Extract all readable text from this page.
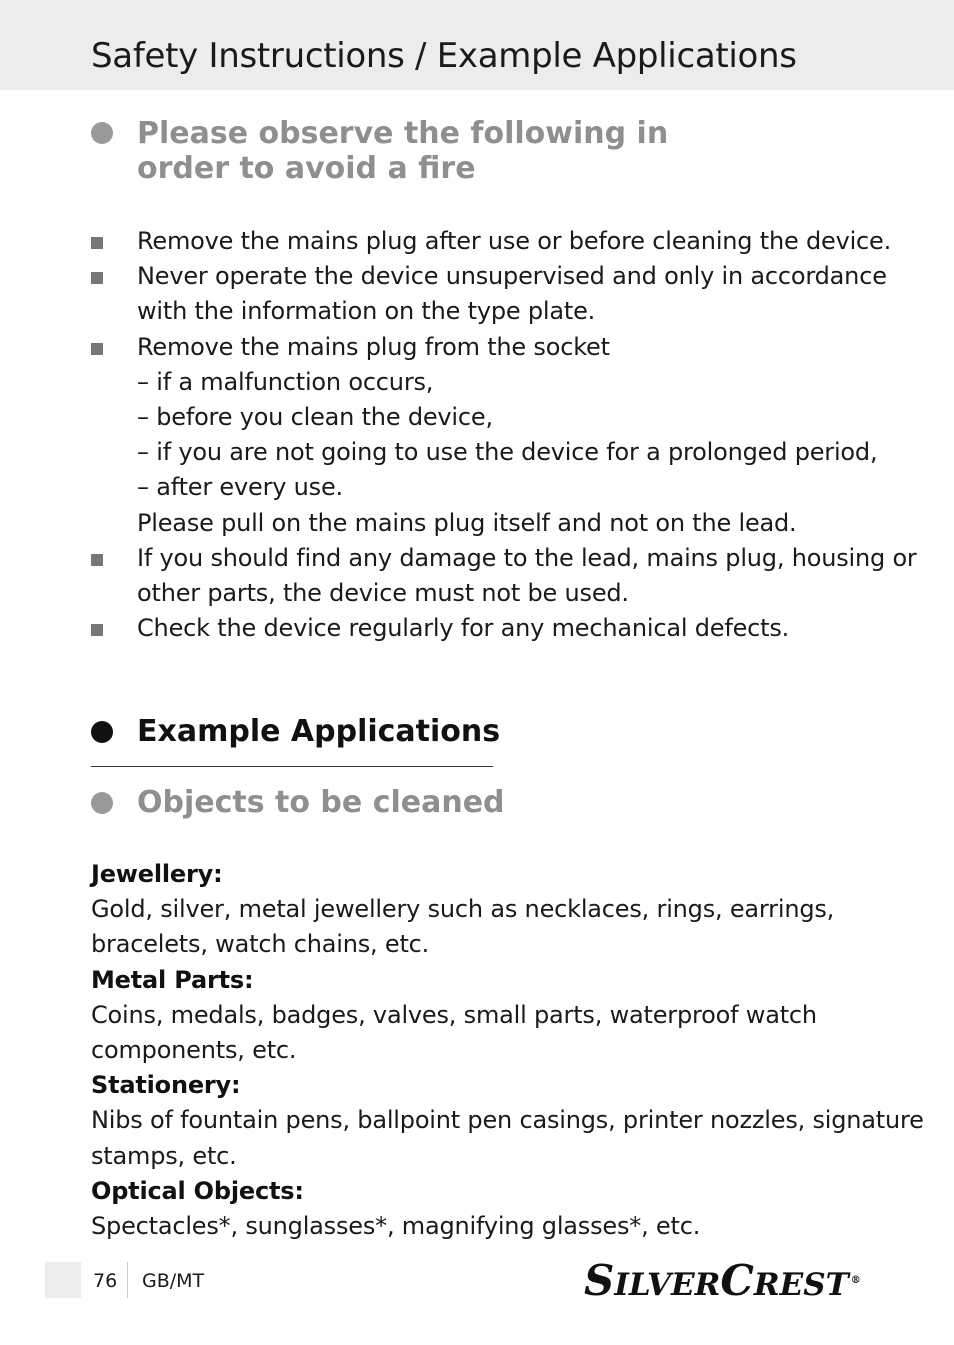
Safety Instructions / Example Applications
Please observe the following in
order to avoid a fire
Remove the mains plug after use or before cleaning the device.
Never operate the device unsupervised and only in accordance
with the information on the type plate.
Remove the mains plug from the socket
– if a malfunction occurs,
– before you clean the device,
– if you are not going to use the device for a prolonged period,
– after every use.
Please pull on the mains plug itself and not on the lead.
If you should find any damage to the lead, mains plug, housing or
other parts, the device must not be used.
Check the device regularly for any mechanical defects.
Example Applications
Objects to be cleaned
Jewellery:
Gold, silver, metal jewellery such as necklaces, rings, earrings,
bracelets, watch chains, etc.
Metal Parts:
Coins, medals, badges, valves, small parts, waterproof watch
components, etc.
Stationery:
Nibs of fountain pens, ballpoint pen casings, printer nozzles, signature
stamps, etc.
Optical Objects:
Spectacles*, sunglasses*, magnifying glasses*, etc.
76 GB/MT	SILVERCREST ®
